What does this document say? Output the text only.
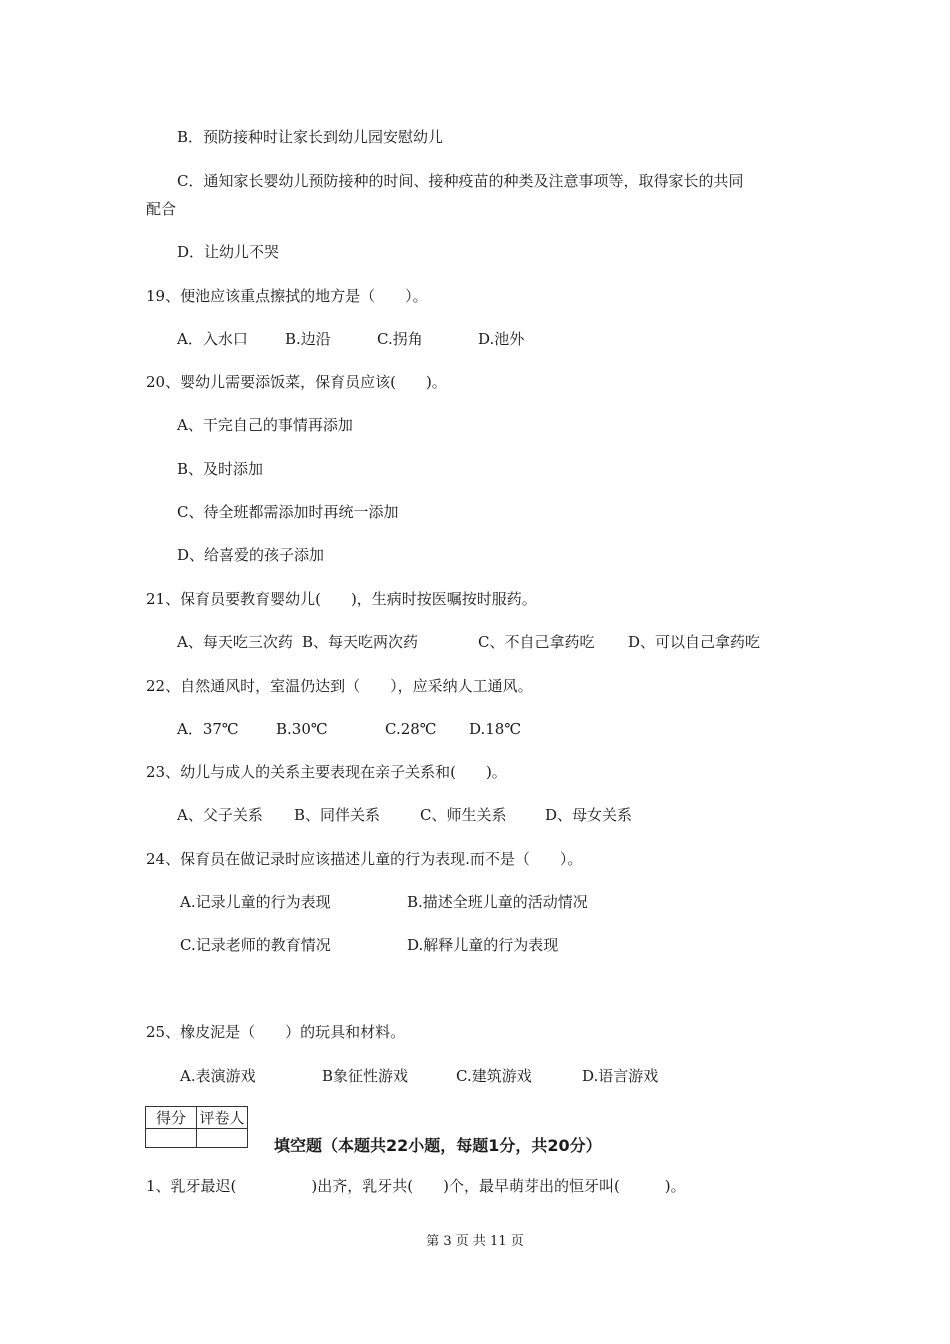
B．预防接种时让家长到幼儿园安慰幼儿
C．通知家长婴幼儿预防接种的时间、接种疫苗的种类及注意事项等，取得家长的共同
配合
D．让幼儿不哭
19、便池应该重点擦拭的地方是（　　）。
A．入水口 B.边沿	C.拐角	D.池外
20、婴幼儿需要添饭菜，保育员应该(　　)。
A、干完自己的事情再添加
B、及时添加
C、待全班都需添加时再统一添加
D、给喜爱的孩子添加
21、保育员要教育婴幼儿(　　)，生病时按医嘱按时服药。
A、每天吃三次药 B、每天吃两次药	C、不自己拿药吃 D、可以自己拿药吃
22、自然通风时，室温仍达到（　　），应采纳人工通风。
A．37℃ B.30℃	C.28℃ D.18℃
23、幼儿与成人的关系主要表现在亲子关系和(　　)。
A、父子关系 B、同伴关系	C、师生关系	D、母女关系
24、保育员在做记录时应该描述儿童的行为表现.而不是（　　）。
A.记录儿童的行为表现	B.描述全班儿童的活动情况
C.记录老师的教育情况	D.解释儿童的行为表现
25、橡皮泥是（　　）的玩具和材料。
A.表演游戏	B象征性游戏	C.建筑游戏	D.语言游戏
得分	评卷人

填空题（本题共22小题，每题1分，共20分）
1、乳牙最迟(　　　　　)出齐，乳牙共(　　)个，最早萌芽出的恒牙叫(　　　)。
第 3 页 共 11 页
